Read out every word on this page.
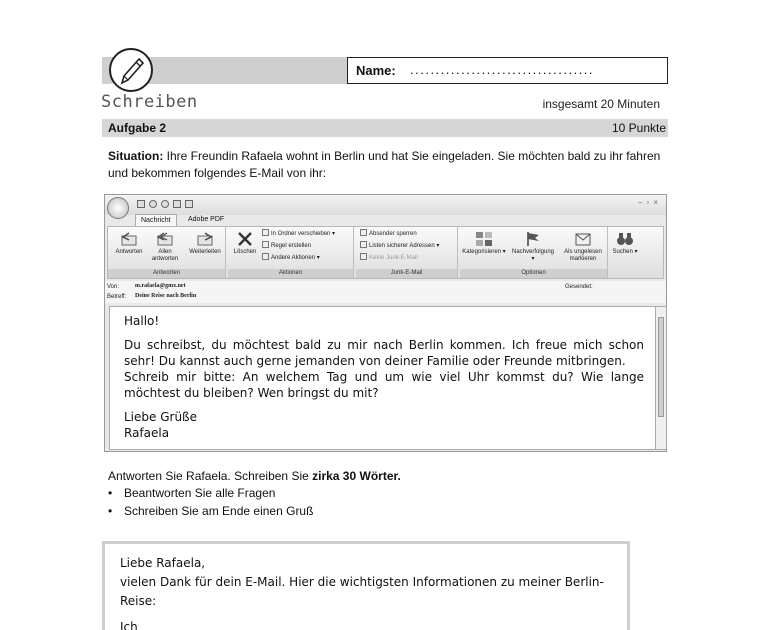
Name: ....................................
Schreiben	insgesamt 20 Minuten
Aufgabe 2	10 Punkte
Situation: Ihre Freundin Rafaela wohnt in Berlin und hat Sie eingeladen. Sie möchten bald zu ihr fahren und bekommen folgendes E-Mail von ihr:
–▫×
Nachricht	Adobe PDF
Antworten	Allen antworten
Weiterleiten
Antworten
Löschen
In Ordner verschieben ▾
Regel erstellen
Andere Aktionen ▾
Aktionen
Absender sperren
Listen sicherer Adressen ▾
Keine Junk-E-Mail
Junk-E-Mail
Kategorisieren ▾	Nachverfolgung ▾
Als ungelesen markieren
Optionen
Suchen ▾
Von:	m.rafaela@gmx.net
Betreff: Deine Reise nach Berlin
Gesendet:

Hallo!

Du schreibst, du möchtest bald zu mir nach Berlin kommen. Ich freue mich schon sehr! Du kannst auch gerne jemanden von deiner Familie oder Freunde mitbringen.

Schreib mir bitte: An welchem Tag und um wie viel Uhr kommst du? Wie lange möchtest du bleiben? Wen bringst du mit?

Liebe Grüße

Rafaela

Antworten Sie Rafaela. Schreiben Sie zirka 30 Wörter.
• Beantworten Sie alle Fragen
• Schreiben Sie am Ende einen Gruß
Liebe Rafaela,
vielen Dank für dein E-Mail. Hier die wichtigsten Informationen zu meiner Berlin-Reise:
Ich
